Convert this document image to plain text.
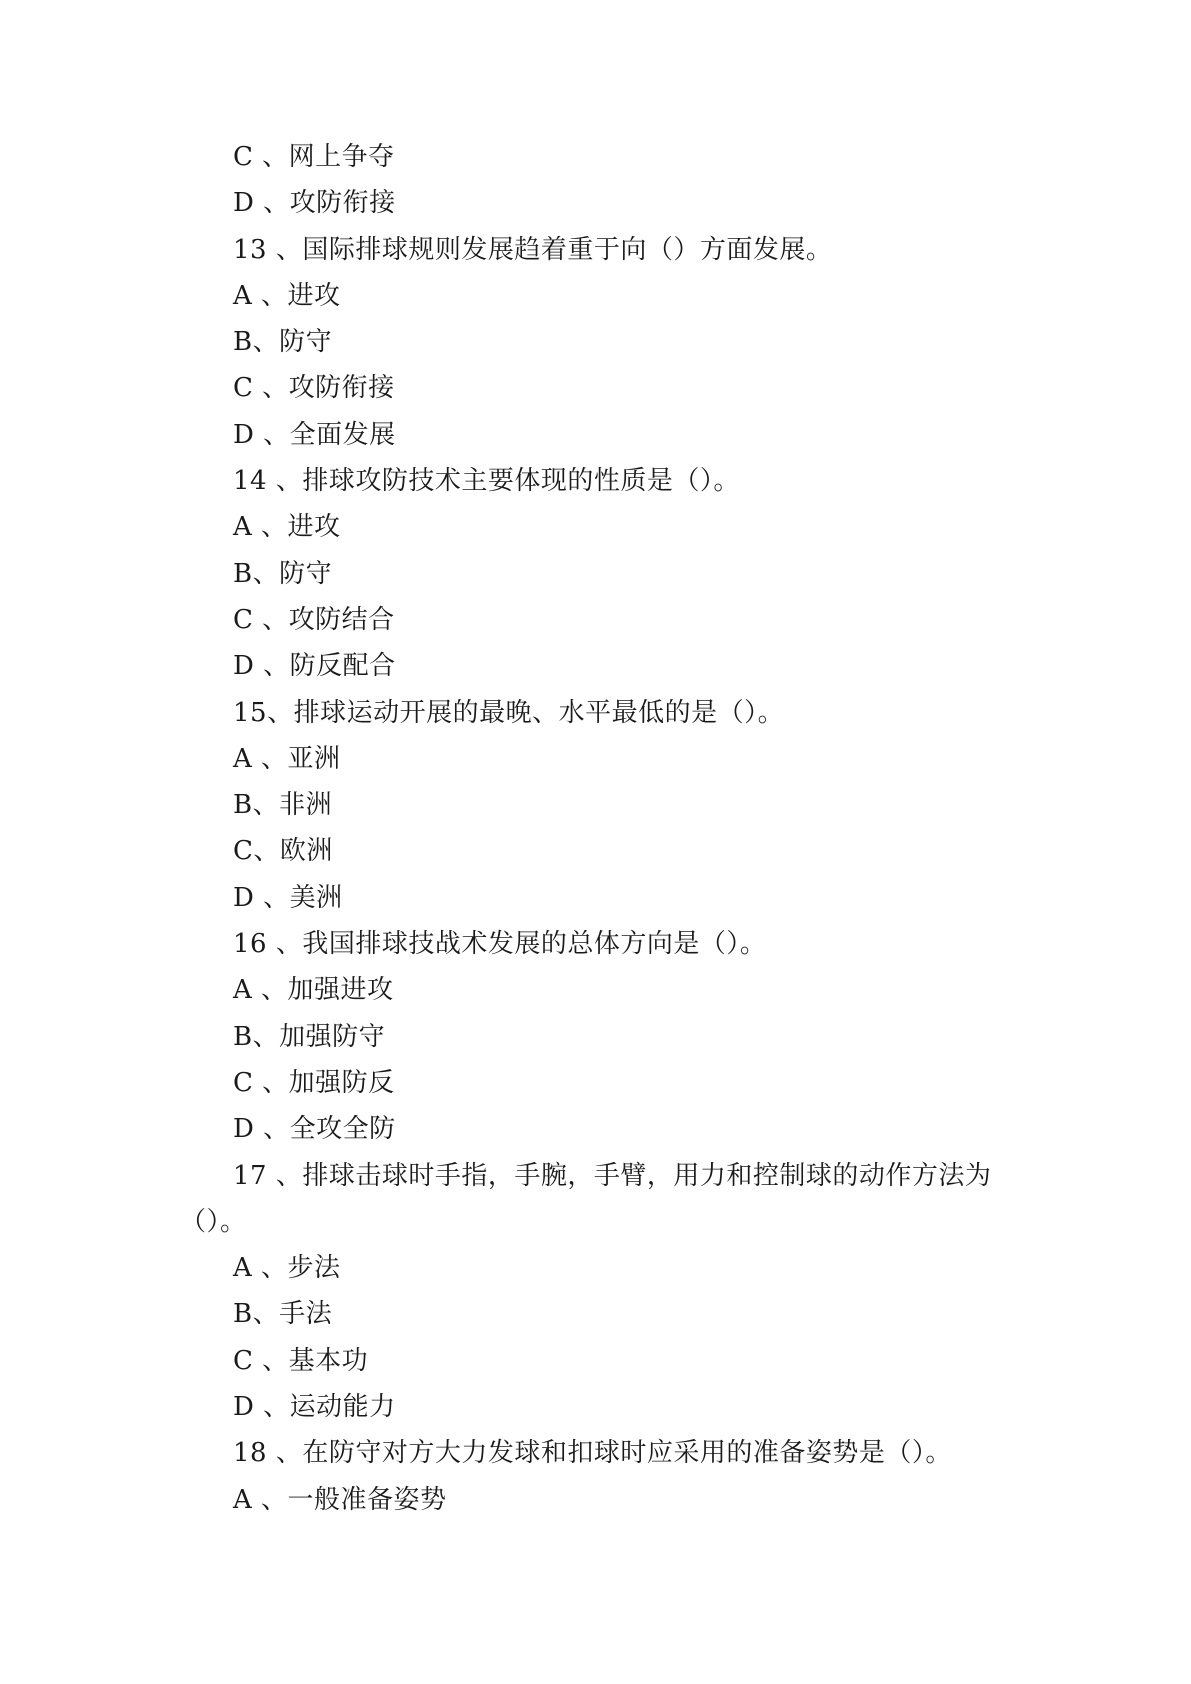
C 、网上争夺
D 、攻防衔接
13 、国际排球规则发展趋着重于向（）方面发展。
A 、进攻
B、防守
C 、攻防衔接
D 、全面发展
14 、排球攻防技术主要体现的性质是（）。
A 、进攻
B、防守
C 、攻防结合
D 、防反配合
15、排球运动开展的最晚、水平最低的是（）。
A 、亚洲
B、非洲
C、欧洲
D 、美洲
16 、我国排球技战术发展的总体方向是（）。
A 、加强进攻
B、加强防守
C 、加强防反
D 、全攻全防
17 、排球击球时手指，手腕，手臂，用力和控制球的动作方法为
（）。
A 、步法
B、手法
C 、基本功
D 、运动能力
18 、在防守对方大力发球和扣球时应采用的准备姿势是（）。
A 、一般准备姿势
